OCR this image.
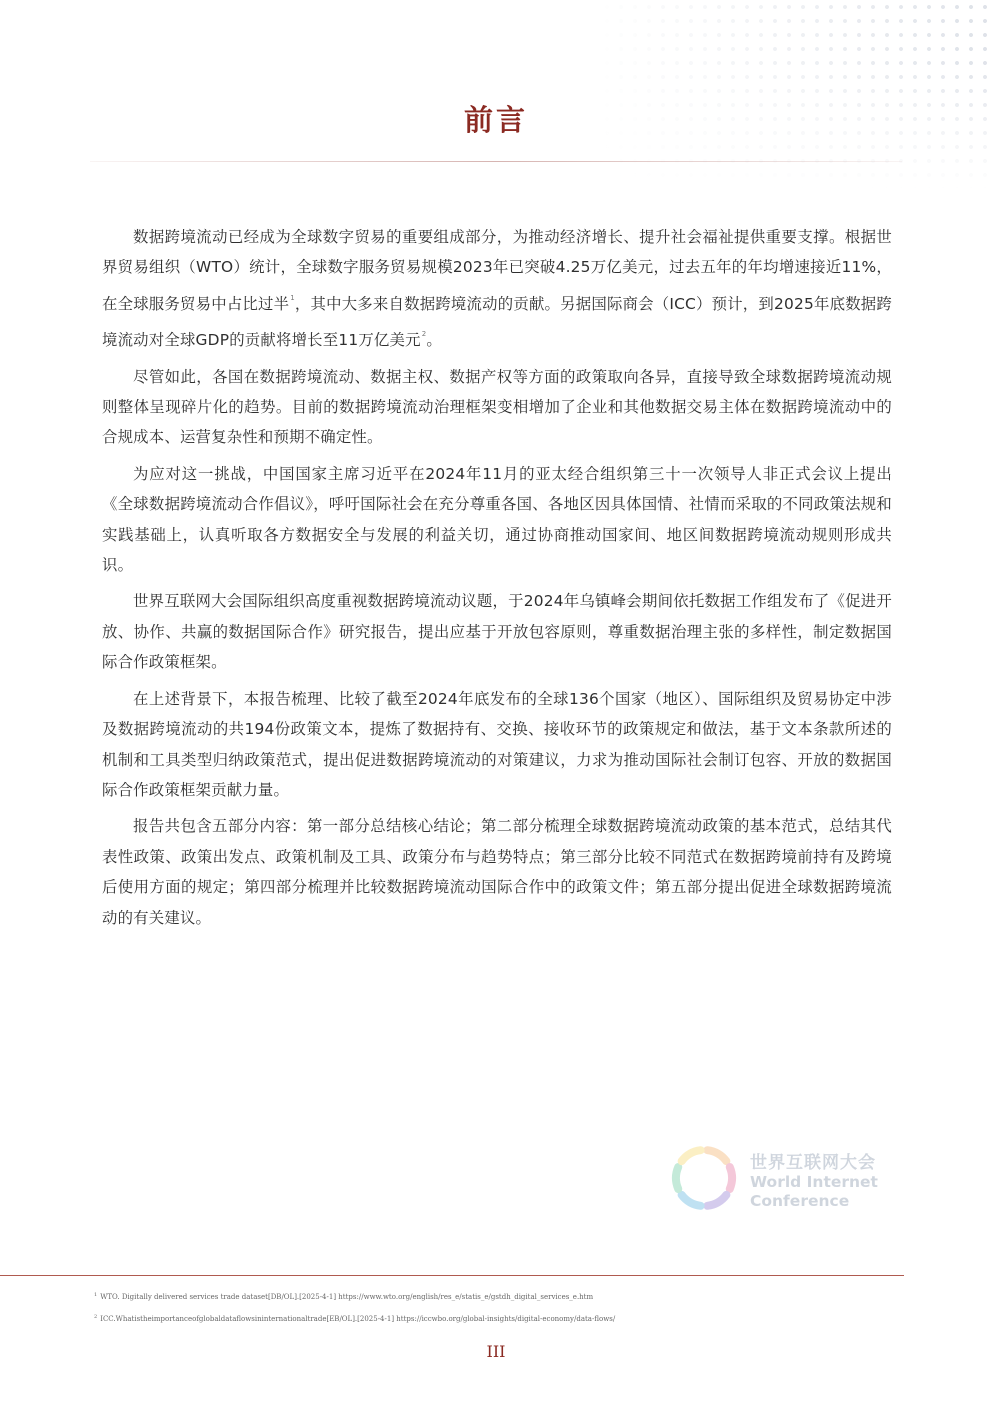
前言

数据跨境流动已经成为全球数字贸易的重要组成部分，为推动经济增长、提升社会福祉提供重要支撑。根据世界贸易组织（WTO）统计，全球数字服务贸易规模2023年已突破4.25万亿美元，过去五年的年均增速接近11%，在全球服务贸易中占比过半$^1$，其中大多来自数据跨境流动的贡献。另据国际商会（ICC）预计，到2025年底数据跨境流动对全球GDP的贡献将增长至11万亿美元$^2$。

尽管如此，各国在数据跨境流动、数据主权、数据产权等方面的政策取向各异，直接导致全球数据跨境流动规则整体呈现碎片化的趋势。目前的数据跨境流动治理框架变相增加了企业和其他数据交易主体在数据跨境流动中的合规成本、运营复杂性和预期不确定性。

为应对这一挑战，中国国家主席习近平在2024年11月的亚太经合组织第三十一次领导人非正式会议上提出《全球数据跨境流动合作倡议》，呼吁国际社会在充分尊重各国、各地区因具体国情、社情而采取的不同政策法规和实践基础上，认真听取各方数据安全与发展的利益关切，通过协商推动国家间、地区间数据跨境流动规则形成共识。

世界互联网大会国际组织高度重视数据跨境流动议题，于2024年乌镇峰会期间依托数据工作组发布了《促进开放、协作、共赢的数据国际合作》研究报告，提出应基于开放包容原则，尊重数据治理主张的多样性，制定数据国际合作政策框架。

在上述背景下，本报告梳理、比较了截至2024年底发布的全球136个国家（地区）、国际组织及贸易协定中涉及数据跨境流动的共194份政策文本，提炼了数据持有、交换、接收环节的政策规定和做法，基于文本条款所述的机制和工具类型归纳政策范式，提出促进数据跨境流动的对策建议，力求为推动国际社会制订包容、开放的数据国际合作政策框架贡献力量。

报告共包含五部分内容：第一部分总结核心结论；第二部分梳理全球数据跨境流动政策的基本范式，总结其代表性政策、政策出发点、政策机制及工具、政策分布与趋势特点；第三部分比较不同范式在数据跨境前持有及跨境后使用方面的规定；第四部分梳理并比较数据跨境流动国际合作中的政策文件；第五部分提出促进全球数据跨境流动的有关建议。

世界互联网大会
World Internet
Conference
$^1$ WTO. Digitally delivered services trade dataset[DB/OL].[2025-4-1] https://www.wto.org/english/res_e/statis_e/gstdh_digital_services_e.htm
$^2$ ICC.Whatistheimportanceofglobaldataflowsininternationaltrade[EB/OL].[2025-4-1] https://iccwbo.org/global-insights/digital-economy/data-flows/
III
